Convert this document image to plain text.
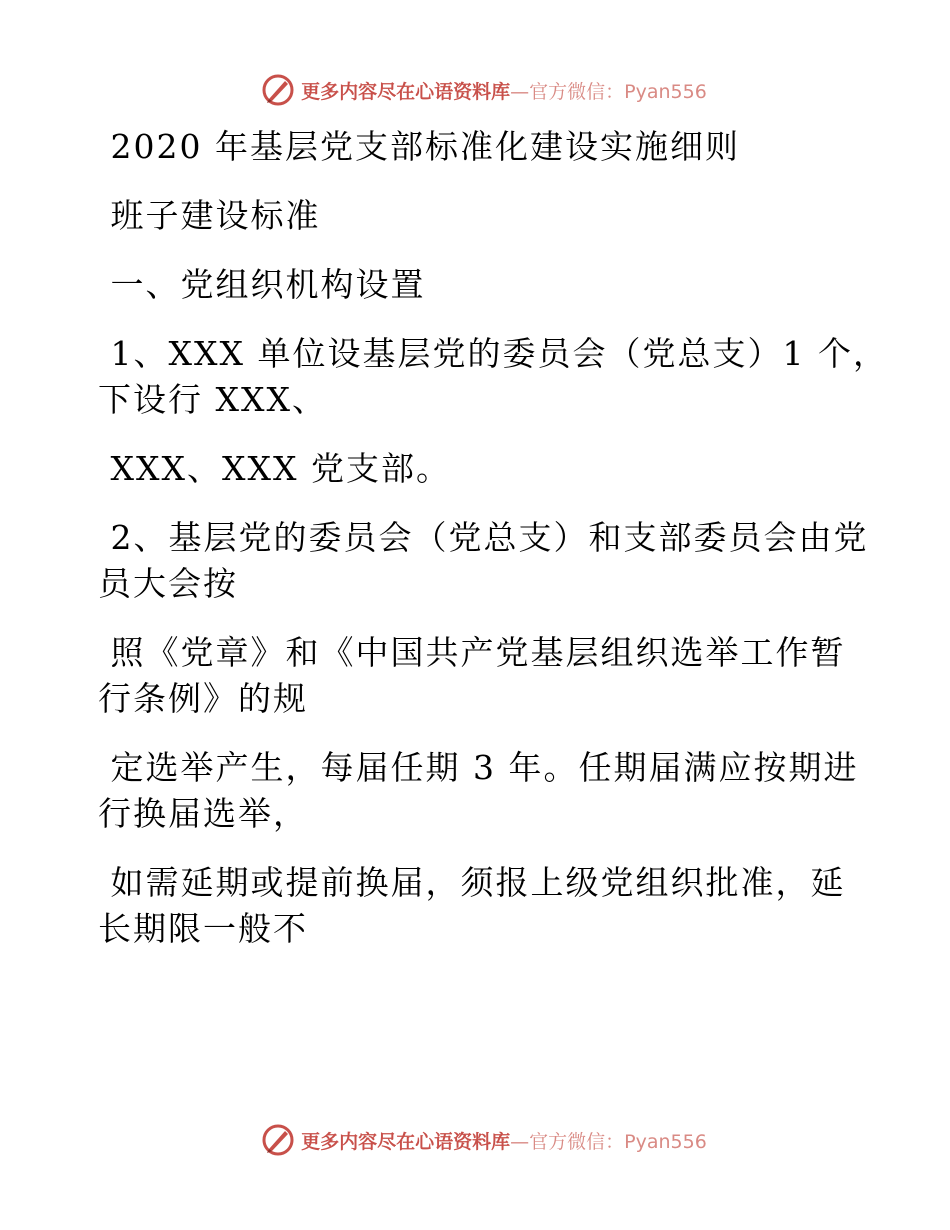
更多内容尽在心语资料库—官方微信：Pyan556

2020 年基层党支部标准化建设实施细则

班子建设标准

一、党组织机构设置

1、XXX 单位设基层党的委员会（党总支）1 个，

下设行 XXX、

XXX、XXX 党支部。

2、基层党的委员会（党总支）和支部委员会由党

员大会按

照《党章》和《中国共产党基层组织选举工作暂

行条例》的规

定选举产生，每届任期 3 年。任期届满应按期进

行换届选举，

如需延期或提前换届，须报上级党组织批准，延

长期限一般不

更多内容尽在心语资料库—官方微信：Pyan556
